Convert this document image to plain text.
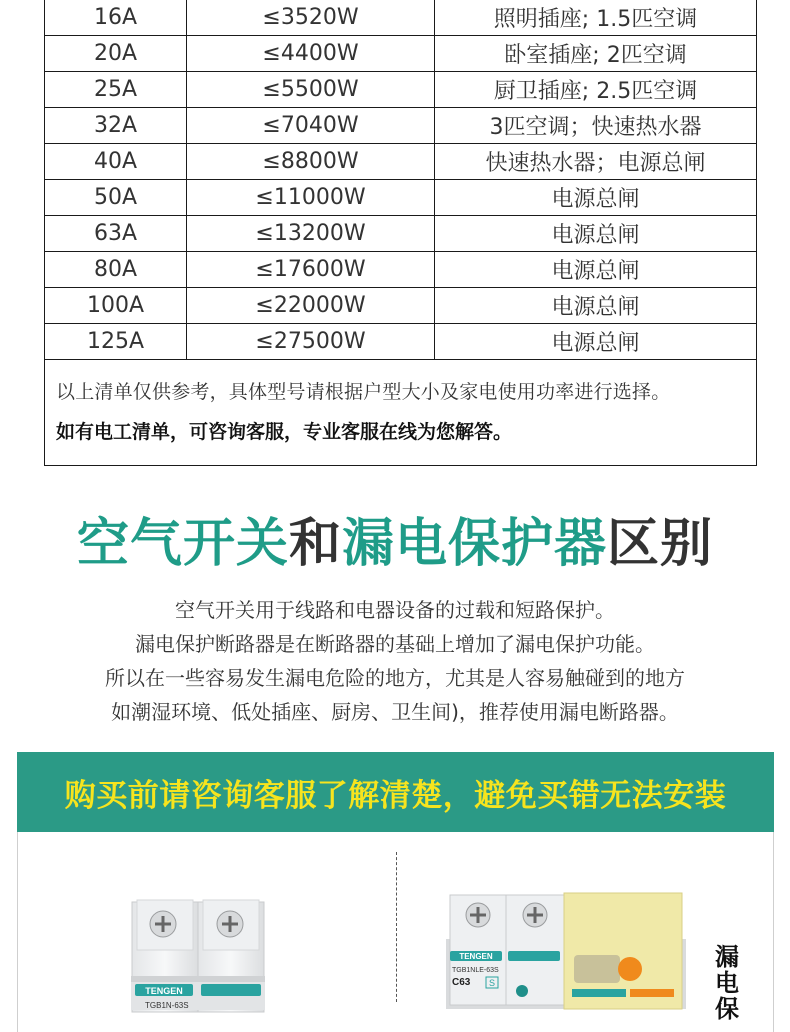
16A	≤3520W	照明插座; 1.5匹空调
20A	≤4400W	卧室插座; 2匹空调
25A	≤5500W	厨卫插座; 2.5匹空调
32A	≤7040W	3匹空调；快速热水器
40A	≤8800W	快速热水器；电源总闸
50A	≤11000W	电源总闸
63A	≤13200W	电源总闸
80A	≤17600W	电源总闸
100A	≤22000W	电源总闸
125A	≤27500W	电源总闸

以上清单仅供参考，具体型号请根据户型大小及家电使用功率进行选择。
如有电工清单，可咨询客服，专业客服在线为您解答。		
空气开关和漏电保护器区别
空气开关用于线路和电器设备的过载和短路保护。
漏电保护断路器是在断路器的基础上增加了漏电保护功能。
所以在一些容易发生漏电危险的地方，尤其是人容易触碰到的地方
如潮湿环境、低处插座、厨房、卫生间)，推荐使用漏电断路器。
购买前请咨询客服了解清楚，避免买错无法安装
TENGEN
TGB1N-63S
TENGEN
TGB1NLE-63S
C63 S
漏
电
保
